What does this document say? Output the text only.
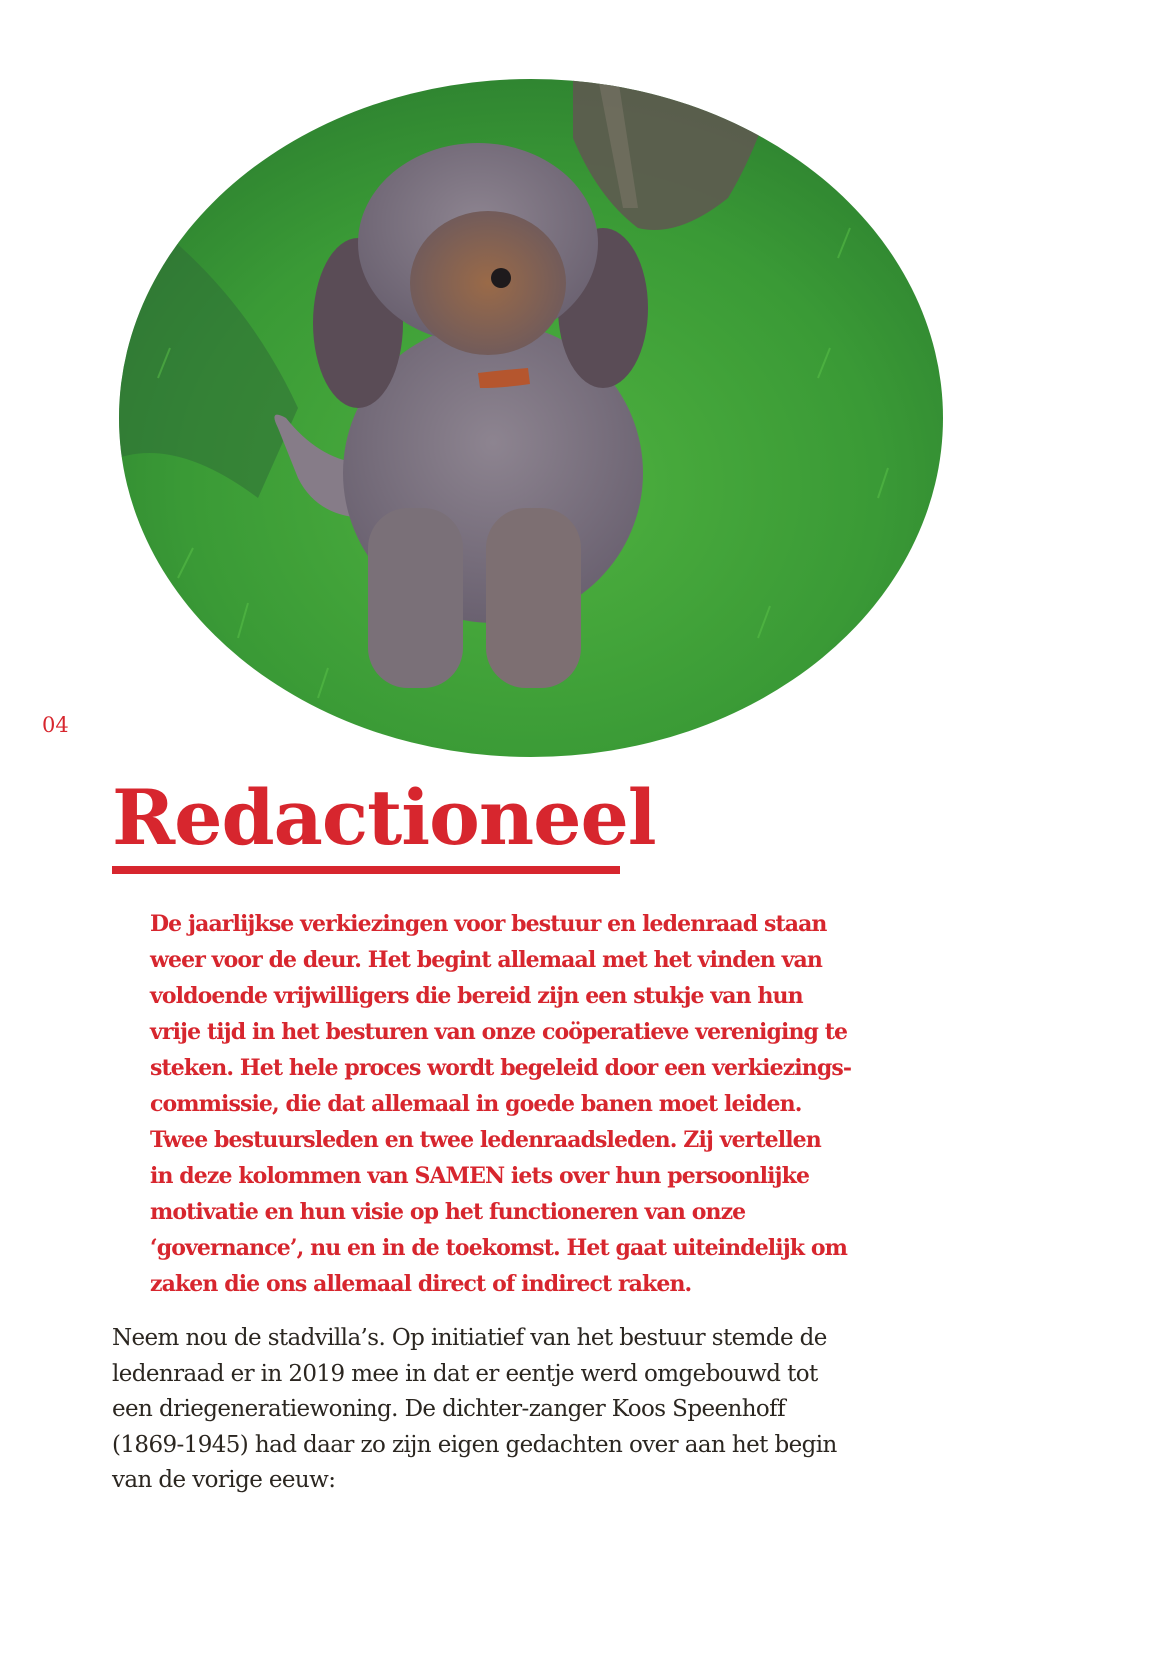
04
Redactioneel

De jaarlijkse verkiezingen voor bestuur en ledenraad staan
weer voor de deur. Het begint allemaal met het vinden van
voldoende vrijwilligers die bereid zijn een stukje van hun
vrije tijd in het besturen van onze coöperatieve vereniging te
steken. Het hele proces wordt begeleid door een verkiezings-
commissie, die dat allemaal in goede banen moet leiden.
Twee bestuursleden en twee ledenraadsleden. Zij vertellen
in deze kolommen van SAMEN iets over hun persoonlijke
motivatie en hun visie op het functioneren van onze
‘governance’, nu en in de toekomst. Het gaat uiteindelijk om
zaken die ons allemaal direct of indirect raken.

Neem nou de stadvilla’s. Op initiatief van het bestuur stemde de
ledenraad er in 2019 mee in dat er eentje werd omgebouwd tot
een driegeneratiewoning. De dichter-zanger Koos Speenhoff
(1869-1945) had daar zo zijn eigen gedachten over aan het begin
van de vorige eeuw:
